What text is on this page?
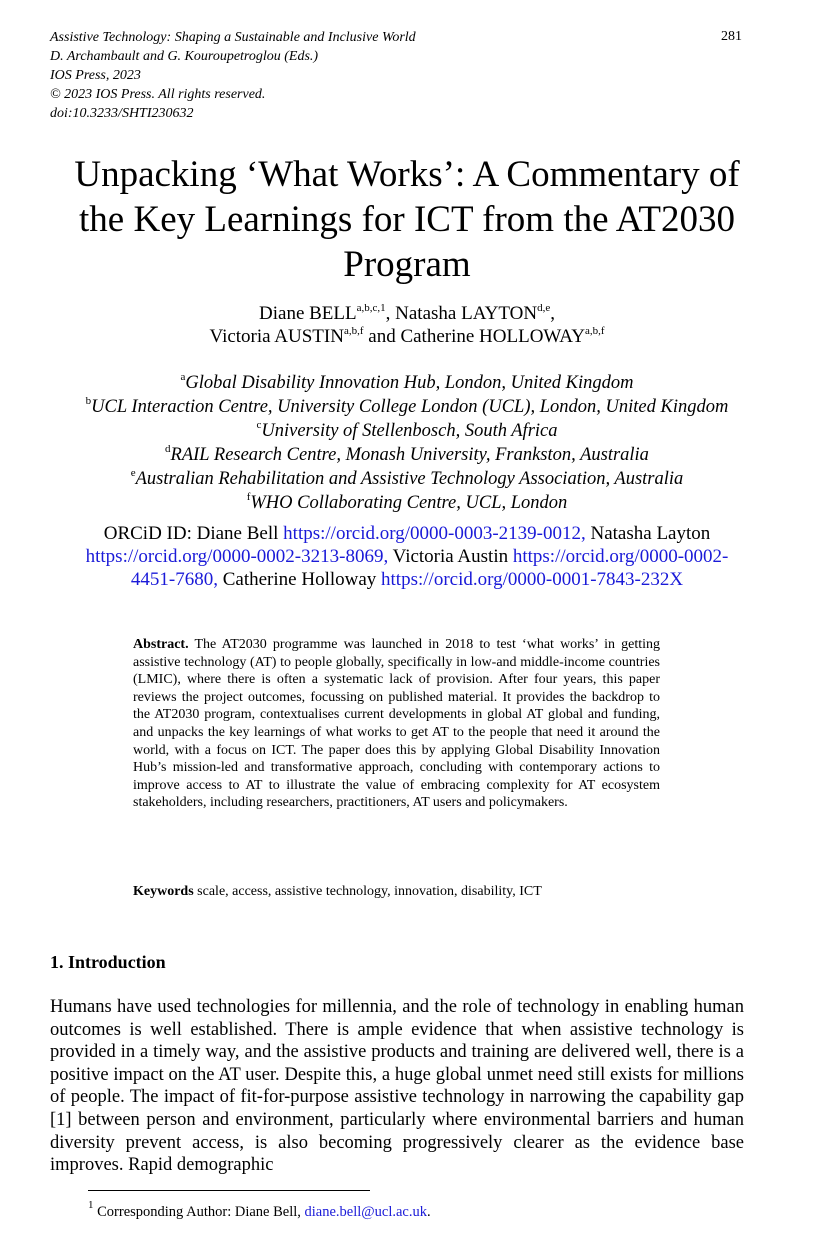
Assistive Technology: Shaping a Sustainable and Inclusive World
D. Archambault and G. Kouroupetroglou (Eds.)
IOS Press, 2023
© 2023 IOS Press. All rights reserved.
doi:10.3233/SHTI230632
281
Unpacking ‘What Works’: A Commentary of
the Key Learnings for ICT from the AT2030
Program
Diane BELL$^{a,b,c,1}$, Natasha LAYTON$^{d,e}$,
Victoria AUSTIN$^{a,b,f}$ and Catherine HOLLOWAY$^{a,b,f}$
$^a$Global Disability Innovation Hub, London, United Kingdom
$^b$UCL Interaction Centre, University College London (UCL), London, United Kingdom
$^c$University of Stellenbosch, South Africa
$^d$RAIL Research Centre, Monash University, Frankston, Australia
$^e$Australian Rehabilitation and Assistive Technology Association, Australia
$^f$WHO Collaborating Centre, UCL, London
ORCiD ID: Diane Bell https://orcid.org/0000-0003-2139-0012, Natasha Layton
https://orcid.org/0000-0002-3213-8069, Victoria Austin https://orcid.org/0000-0002-
4451-7680, Catherine Holloway https://orcid.org/0000-0001-7843-232X
Abstract. The AT2030 programme was launched in 2018 to test ‘what works’ in getting assistive technology (AT) to people globally, specifically in low-and middle-income countries (LMIC), where there is often a systematic lack of provision. After four years, this paper reviews the project outcomes, focussing on published material. It provides the backdrop to the AT2030 program, contextualises current developments in global AT global and funding, and unpacks the key learnings of what works to get AT to the people that need it around the world, with a focus on ICT. The paper does this by applying Global Disability Innovation Hub’s mission-led and transformative approach, concluding with contemporary actions to improve access to AT to illustrate the value of embracing complexity for AT ecosystem stakeholders, including researchers, practitioners, AT users and policymakers.
Keywords scale, access, assistive technology, innovation, disability, ICT
1. Introduction
Humans have used technologies for millennia, and the role of technology in enabling human outcomes is well established. There is ample evidence that when assistive technology is provided in a timely way, and the assistive products and training are delivered well, there is a positive impact on the AT user. Despite this, a huge global unmet need still exists for millions of people. The impact of fit-for-purpose assistive technology in narrowing the capability gap [1] between person and environment, particularly where environmental barriers and human diversity prevent access, is also becoming progressively clearer as the evidence base improves. Rapid demographic
$^1$ Corresponding Author: Diane Bell, diane.bell@ucl.ac.uk.
